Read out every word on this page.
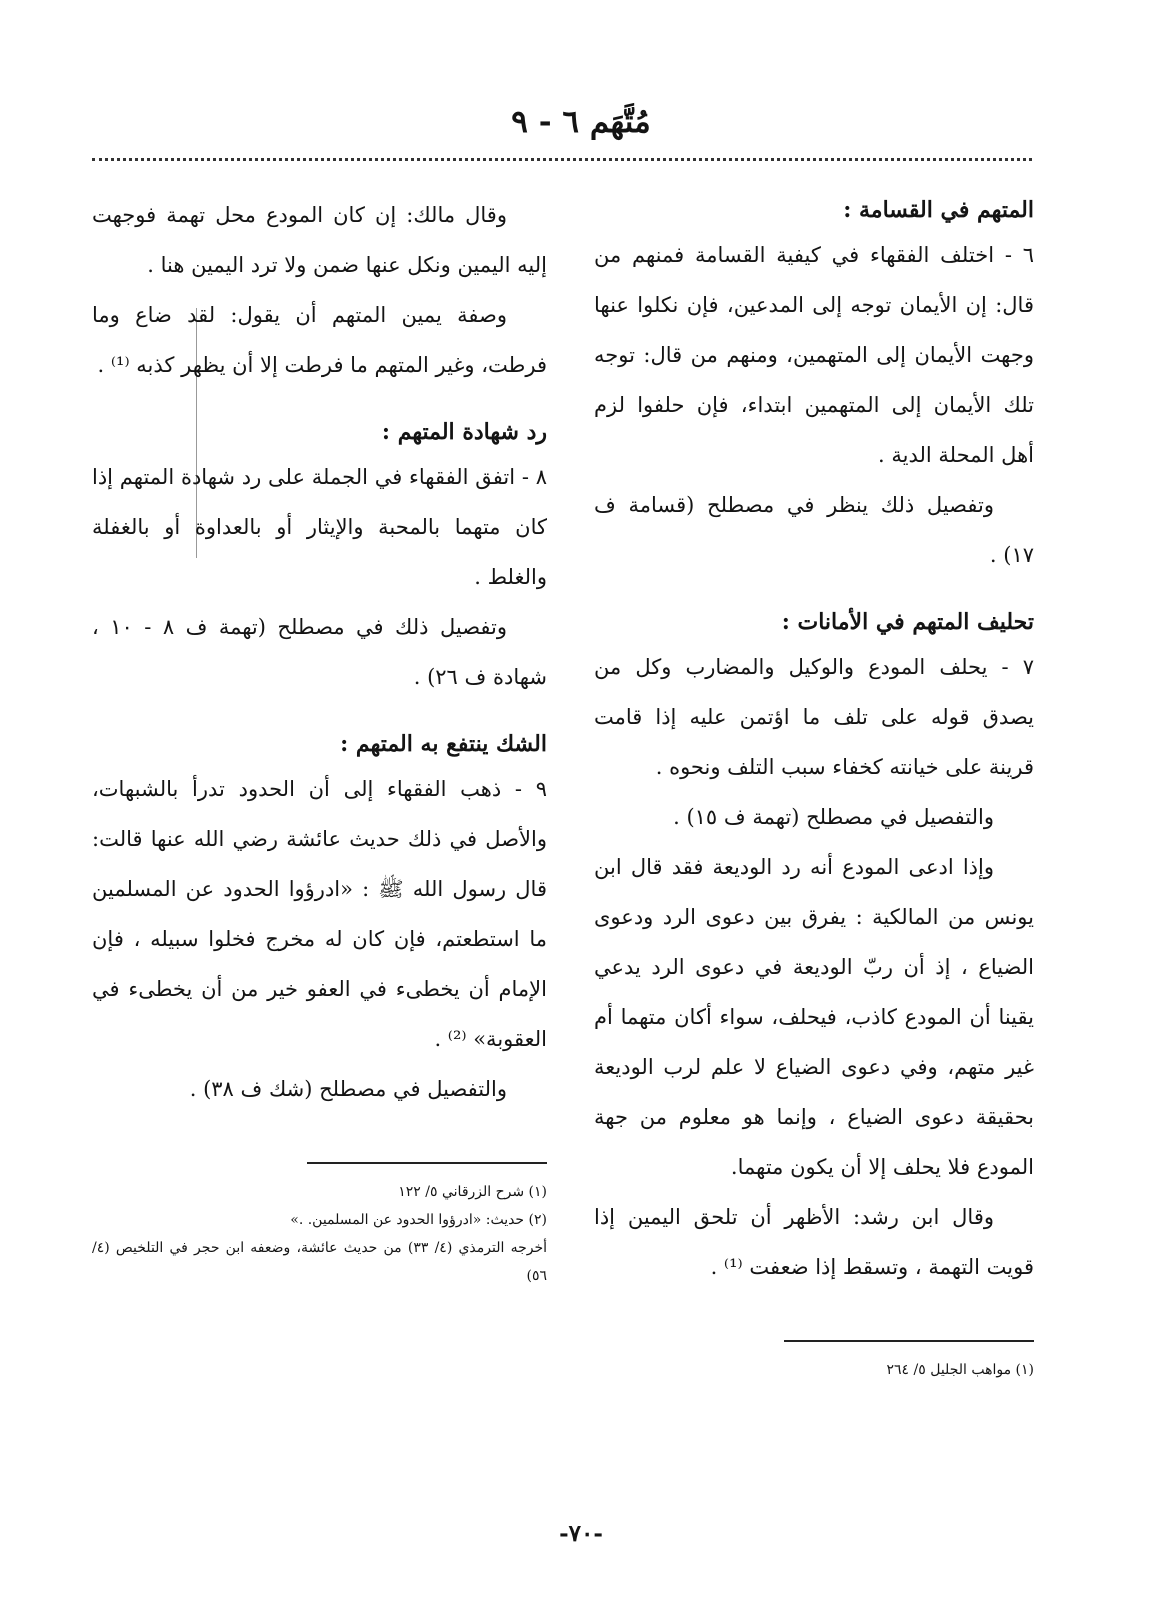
مُتَّهَم ٦ - ٩

المتهم في القسامة :

٦ - اختلف الفقهاء في كيفية القسامة فمنهم من قال: إن الأيمان توجه إلى المدعين، فإن نكلوا عنها وجهت الأيمان إلى المتهمين، ومنهم من قال: توجه تلك الأيمان إلى المتهمين ابتداء، فإن حلفوا لزم أهل المحلة الدية .

وتفصيل ذلك ينظر في مصطلح (قسامة ف ١٧) .

تحليف المتهم في الأمانات :

٧ - يحلف المودع والوكيل والمضارب وكل من يصدق قوله على تلف ما اؤتمن عليه إذا قامت قرينة على خيانته كخفاء سبب التلف ونحوه .

والتفصيل في مصطلح (تهمة ف ١٥) .

وإذا ادعى المودع أنه رد الوديعة فقد قال ابن يونس من المالكية : يفرق بين دعوى الرد ودعوى الضياع ، إذ أن ربّ الوديعة في دعوى الرد يدعي يقينا أن المودع كاذب، فيحلف، سواء أكان متهما أم غير متهم، وفي دعوى الضياع لا علم لرب الوديعة بحقيقة دعوى الضياع ، وإنما هو معلوم من جهة المودع فلا يحلف إلا أن يكون متهما.

وقال ابن رشد: الأظهر أن تلحق اليمين إذا قويت التهمة ، وتسقط إذا ضعفت ⁽¹⁾ .

(١) مواهب الجليل ٥/ ٢٦٤

وقال مالك: إن كان المودع محل تهمة فوجهت إليه اليمين ونكل عنها ضمن ولا ترد اليمين هنا .

وصفة يمين المتهم أن يقول: لقد ضاع وما فرطت، وغير المتهم ما فرطت إلا أن يظهر كذبه ⁽¹⁾ .

رد شهادة المتهم :

٨ - اتفق الفقهاء في الجملة على رد شهادة المتهم إذا كان متهما بالمحبة والإيثار أو بالعداوة أو بالغفلة والغلط .

وتفصيل ذلك في مصطلح (تهمة ف ٨ - ١٠ ، شهادة ف ٢٦) .

الشك ينتفع به المتهم :

٩ - ذهب الفقهاء إلى أن الحدود تدرأ بالشبهات، والأصل في ذلك حديث عائشة رضي الله عنها قالت: قال رسول الله ﷺ : «ادرؤوا الحدود عن المسلمين ما استطعتم، فإن كان له مخرج فخلوا سبيله ، فإن الإمام أن يخطىء في العفو خير من أن يخطىء في العقوبة» ⁽²⁾ .

والتفصيل في مصطلح (شك ف ٣٨) .

(١) شرح الزرقاني ٥/ ١٢٢

(٢) حديث: «ادرؤوا الحدود عن المسلمين. .»

أخرجه الترمذي (٤/ ٣٣) من حديث عائشة، وضعفه ابن حجر في التلخيص (٤/ ٥٦)

-٧٠-
